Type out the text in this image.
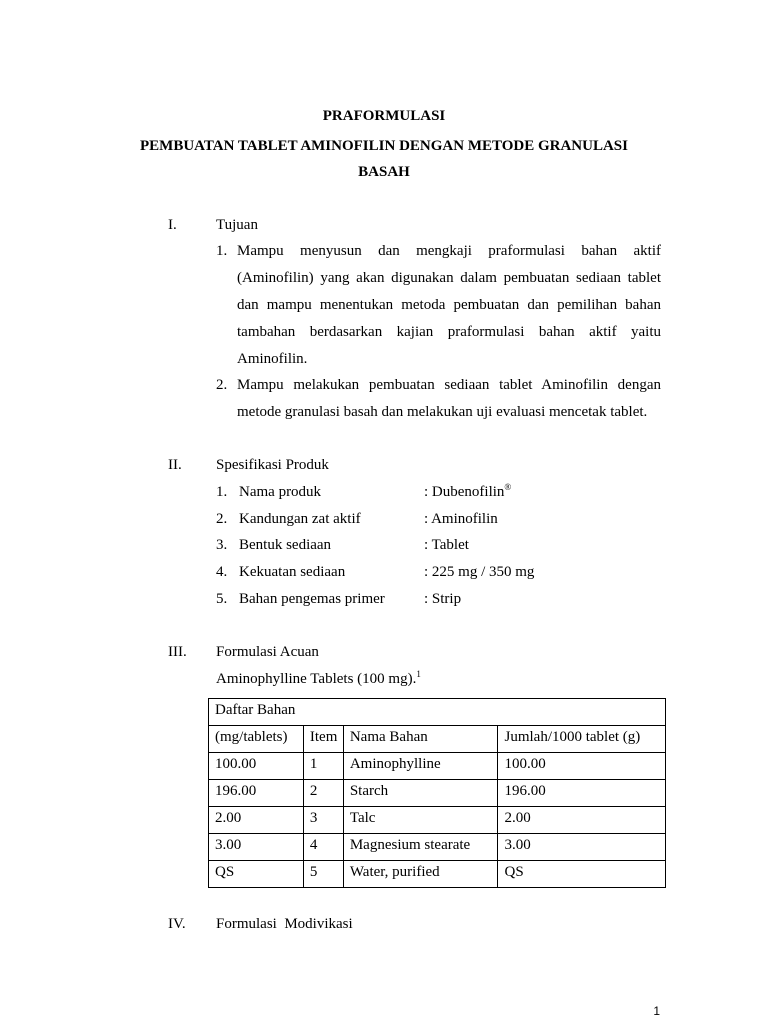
PRAFORMULASI
PEMBUATAN TABLET AMINOFILIN DENGAN METODE GRANULASI
BASAH
I.	Tujuan
1. Mampu menyusun dan mengkaji praformulasi bahan aktif
(Aminofilin) yang akan digunakan dalam pembuatan sediaan tablet
dan mampu menentukan metoda pembuatan dan pemilihan bahan
tambahan berdasarkan kajian praformulasi bahan aktif yaitu
Aminofilin.
2. Mampu melakukan pembuatan sediaan tablet Aminofilin dengan
metode granulasi basah dan melakukan uji evaluasi mencetak tablet.
II. Spesifikasi Produk
1. Nama produk	: Dubenofilin®
2. Kandungan zat aktif	: Aminofilin
3. Bentuk sediaan	: Tablet
4. Kekuatan sediaan	: 225 mg / 350 mg
5. Bahan pengemas primer	: Strip
III. Formulasi Acuan
Aminophylline Tablets (100 mg).$^1$
Daftar Bahan			
(mg/tablets)	Item	Nama Bahan	Jumlah/1000 tablet (g)
100.00	1	Aminophylline	100.00
196.00	2	Starch	196.00
2.00	3	Talc	2.00
3.00	4	Magnesium stearate	3.00
QS	5	Water, purified	QS
IV. Formulasi  Modivikasi
1
